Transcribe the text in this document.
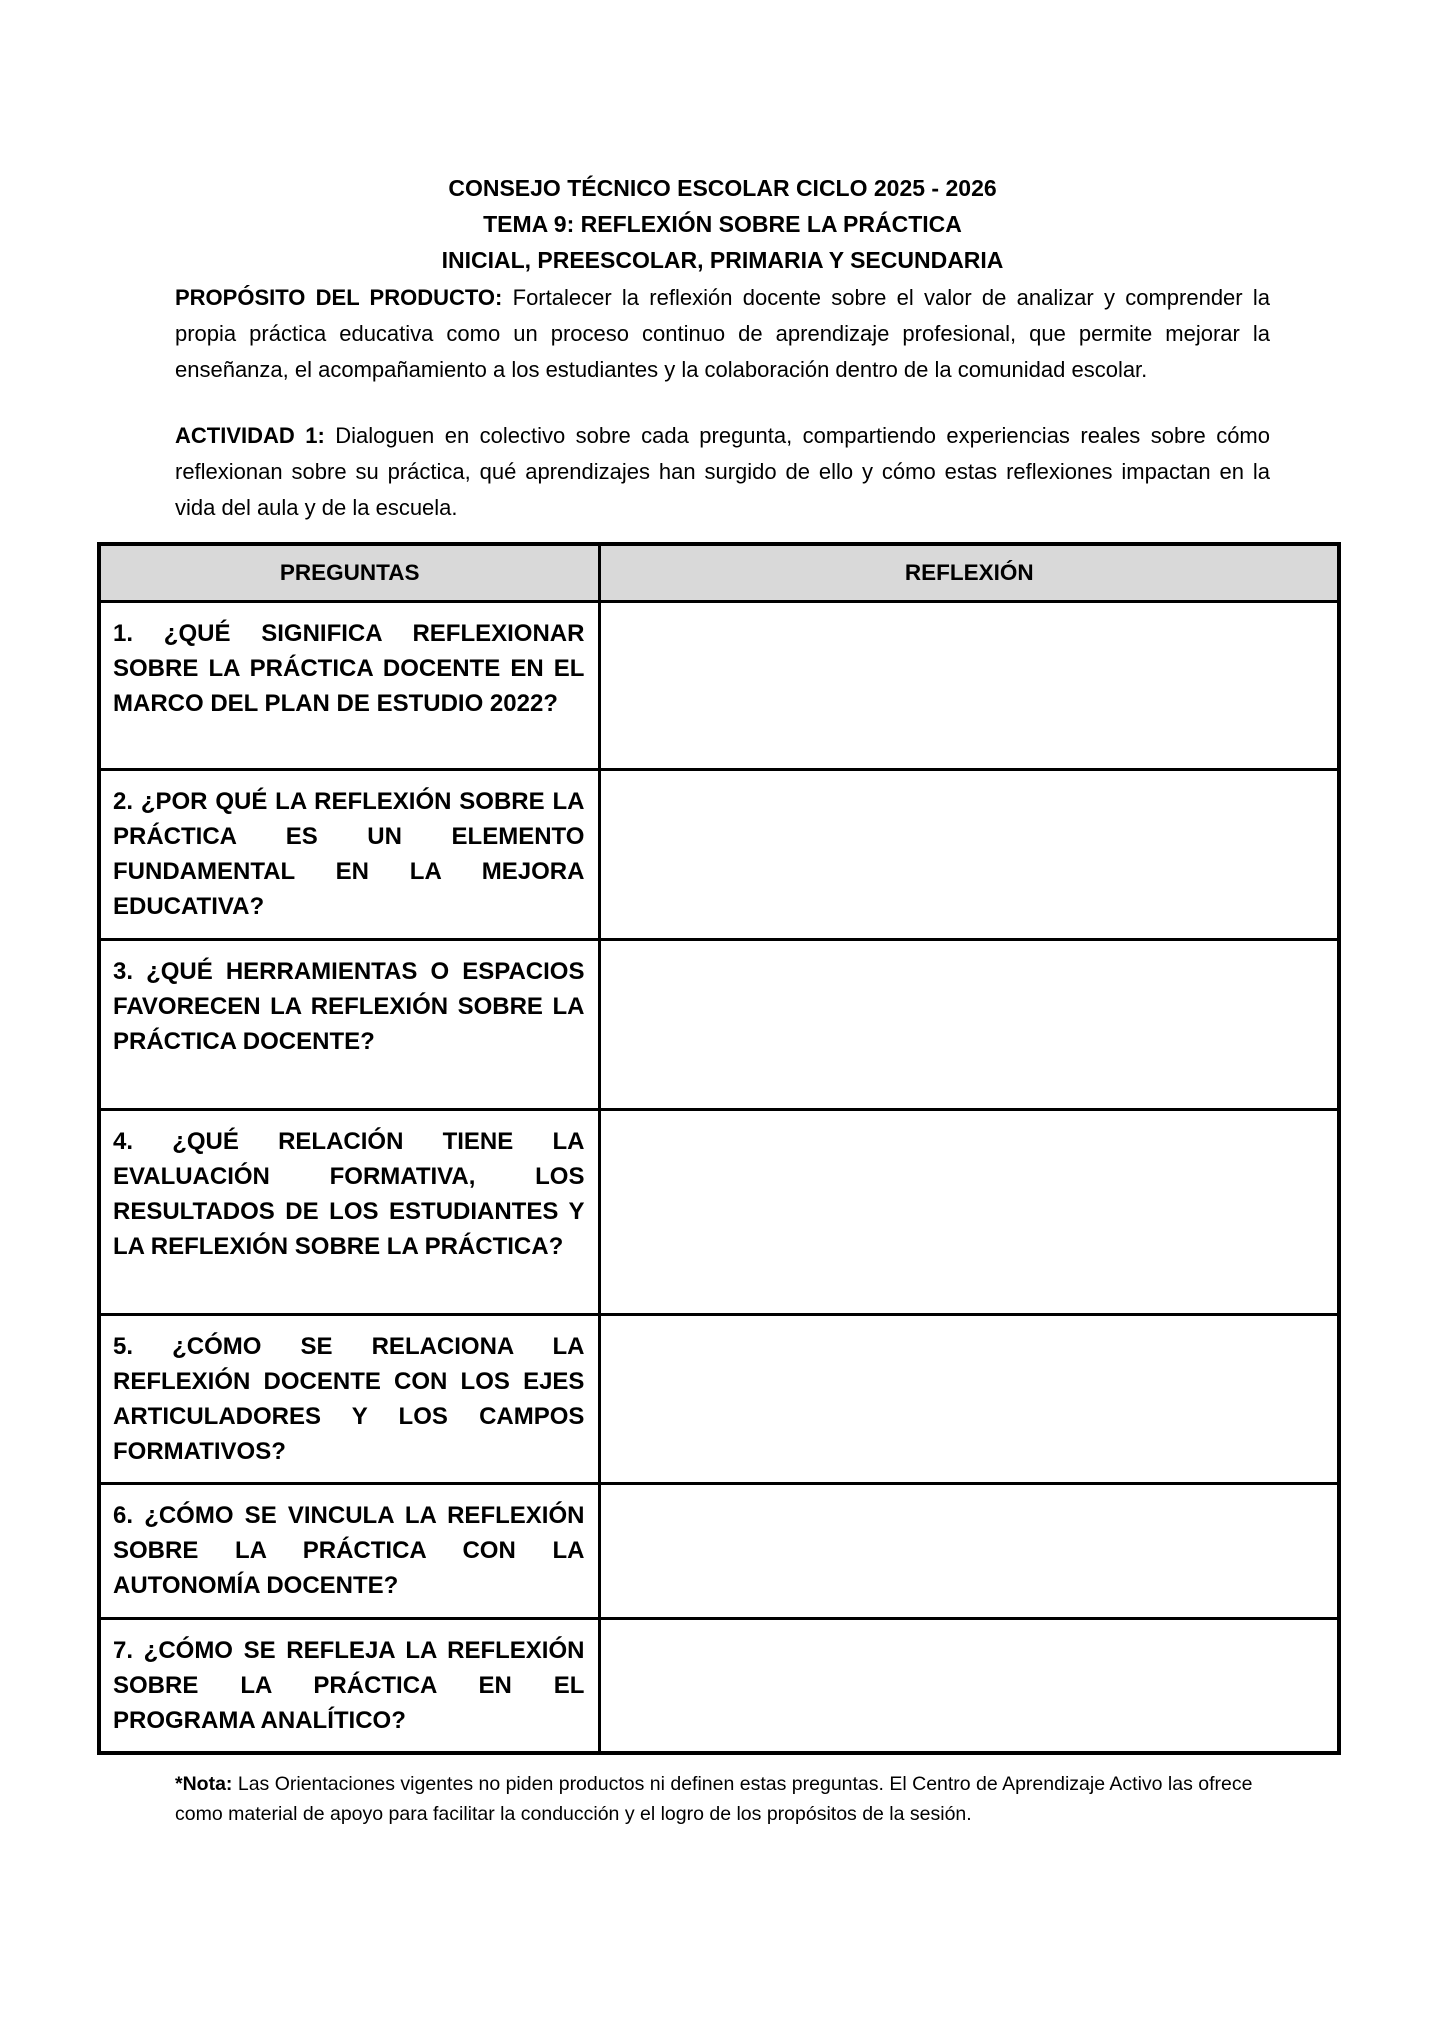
CONSEJO TÉCNICO ESCOLAR CICLO 2025 - 2026
TEMA 9: REFLEXIÓN SOBRE LA PRÁCTICA
INICIAL, PREESCOLAR, PRIMARIA Y SECUNDARIA

PROPÓSITO DEL PRODUCTO: Fortalecer la reflexión docente sobre el valor de analizar y comprender la propia práctica educativa como un proceso continuo de aprendizaje profesional, que permite mejorar la enseñanza, el acompañamiento a los estudiantes y la colaboración dentro de la comunidad escolar.

ACTIVIDAD 1: Dialoguen en colectivo sobre cada pregunta, compartiendo experiencias reales sobre cómo reflexionan sobre su práctica, qué aprendizajes han surgido de ello y cómo estas reflexiones impactan en la vida del aula y de la escuela.

PREGUNTAS	REFLEXIÓN
1. ¿QUÉ SIGNIFICA REFLEXIONAR SOBRE LA PRÁCTICA DOCENTE EN EL MARCO DEL PLAN DE ESTUDIO 2022?	
2. ¿POR QUÉ LA REFLEXIÓN SOBRE LA PRÁCTICA ES UN ELEMENTO FUNDAMENTAL EN LA MEJORA EDUCATIVA?	
3. ¿QUÉ HERRAMIENTAS O ESPACIOS FAVORECEN LA REFLEXIÓN SOBRE LA PRÁCTICA DOCENTE?	
4. ¿QUÉ RELACIÓN TIENE LA EVALUACIÓN FORMATIVA, LOS RESULTADOS DE LOS ESTUDIANTES Y LA REFLEXIÓN SOBRE LA PRÁCTICA?	
5. ¿CÓMO SE RELACIONA LA REFLEXIÓN DOCENTE CON LOS EJES ARTICULADORES Y LOS CAMPOS FORMATIVOS?	
6. ¿CÓMO SE VINCULA LA REFLEXIÓN SOBRE LA PRÁCTICA CON LA AUTONOMÍA DOCENTE?	
7. ¿CÓMO SE REFLEJA LA REFLEXIÓN SOBRE LA PRÁCTICA EN EL PROGRAMA ANALÍTICO?	

*Nota: Las Orientaciones vigentes no piden productos ni definen estas preguntas. El Centro de Aprendizaje Activo las ofrece como material de apoyo para facilitar la conducción y el logro de los propósitos de la sesión.
